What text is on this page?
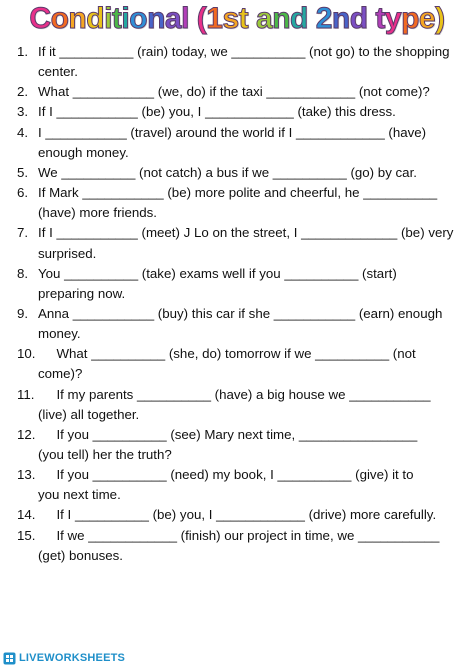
Conditional (1st and 2nd type)
1. If it __________ (rain) today, we __________ (not go) to the shopping
center.
2. What ___________ (we, do) if the taxi ____________ (not come)?
3. If I ___________ (be) you, I ____________ (take) this dress.
4. I ___________ (travel) around the world if I ____________ (have)
enough money.
5. We __________ (not catch) a bus if we __________ (go) by car.
6. If Mark ___________ (be) more polite and cheerful, he __________
(have) more friends.
7. If I ___________ (meet) J Lo on the street, I _____________ (be) very
surprised.
8. You __________ (take) exams well if you __________ (start)
preparing now.
9. Anna ___________ (buy) this car if she ___________ (earn) enough
money.
10. What __________ (she, do) tomorrow if we __________ (not
come)?
11. If my parents __________ (have) a big house we ___________
(live) all together.
12. If you __________ (see) Mary next time, ________________
(you tell) her the truth?
13. If you __________ (need) my book, I __________ (give) it to
you next time.
14. If I __________ (be) you, I ____________ (drive) more carefully.
15. If we ____________ (finish) our project in time, we ___________
(get) bonuses.
LIVEWORKSHEETS
